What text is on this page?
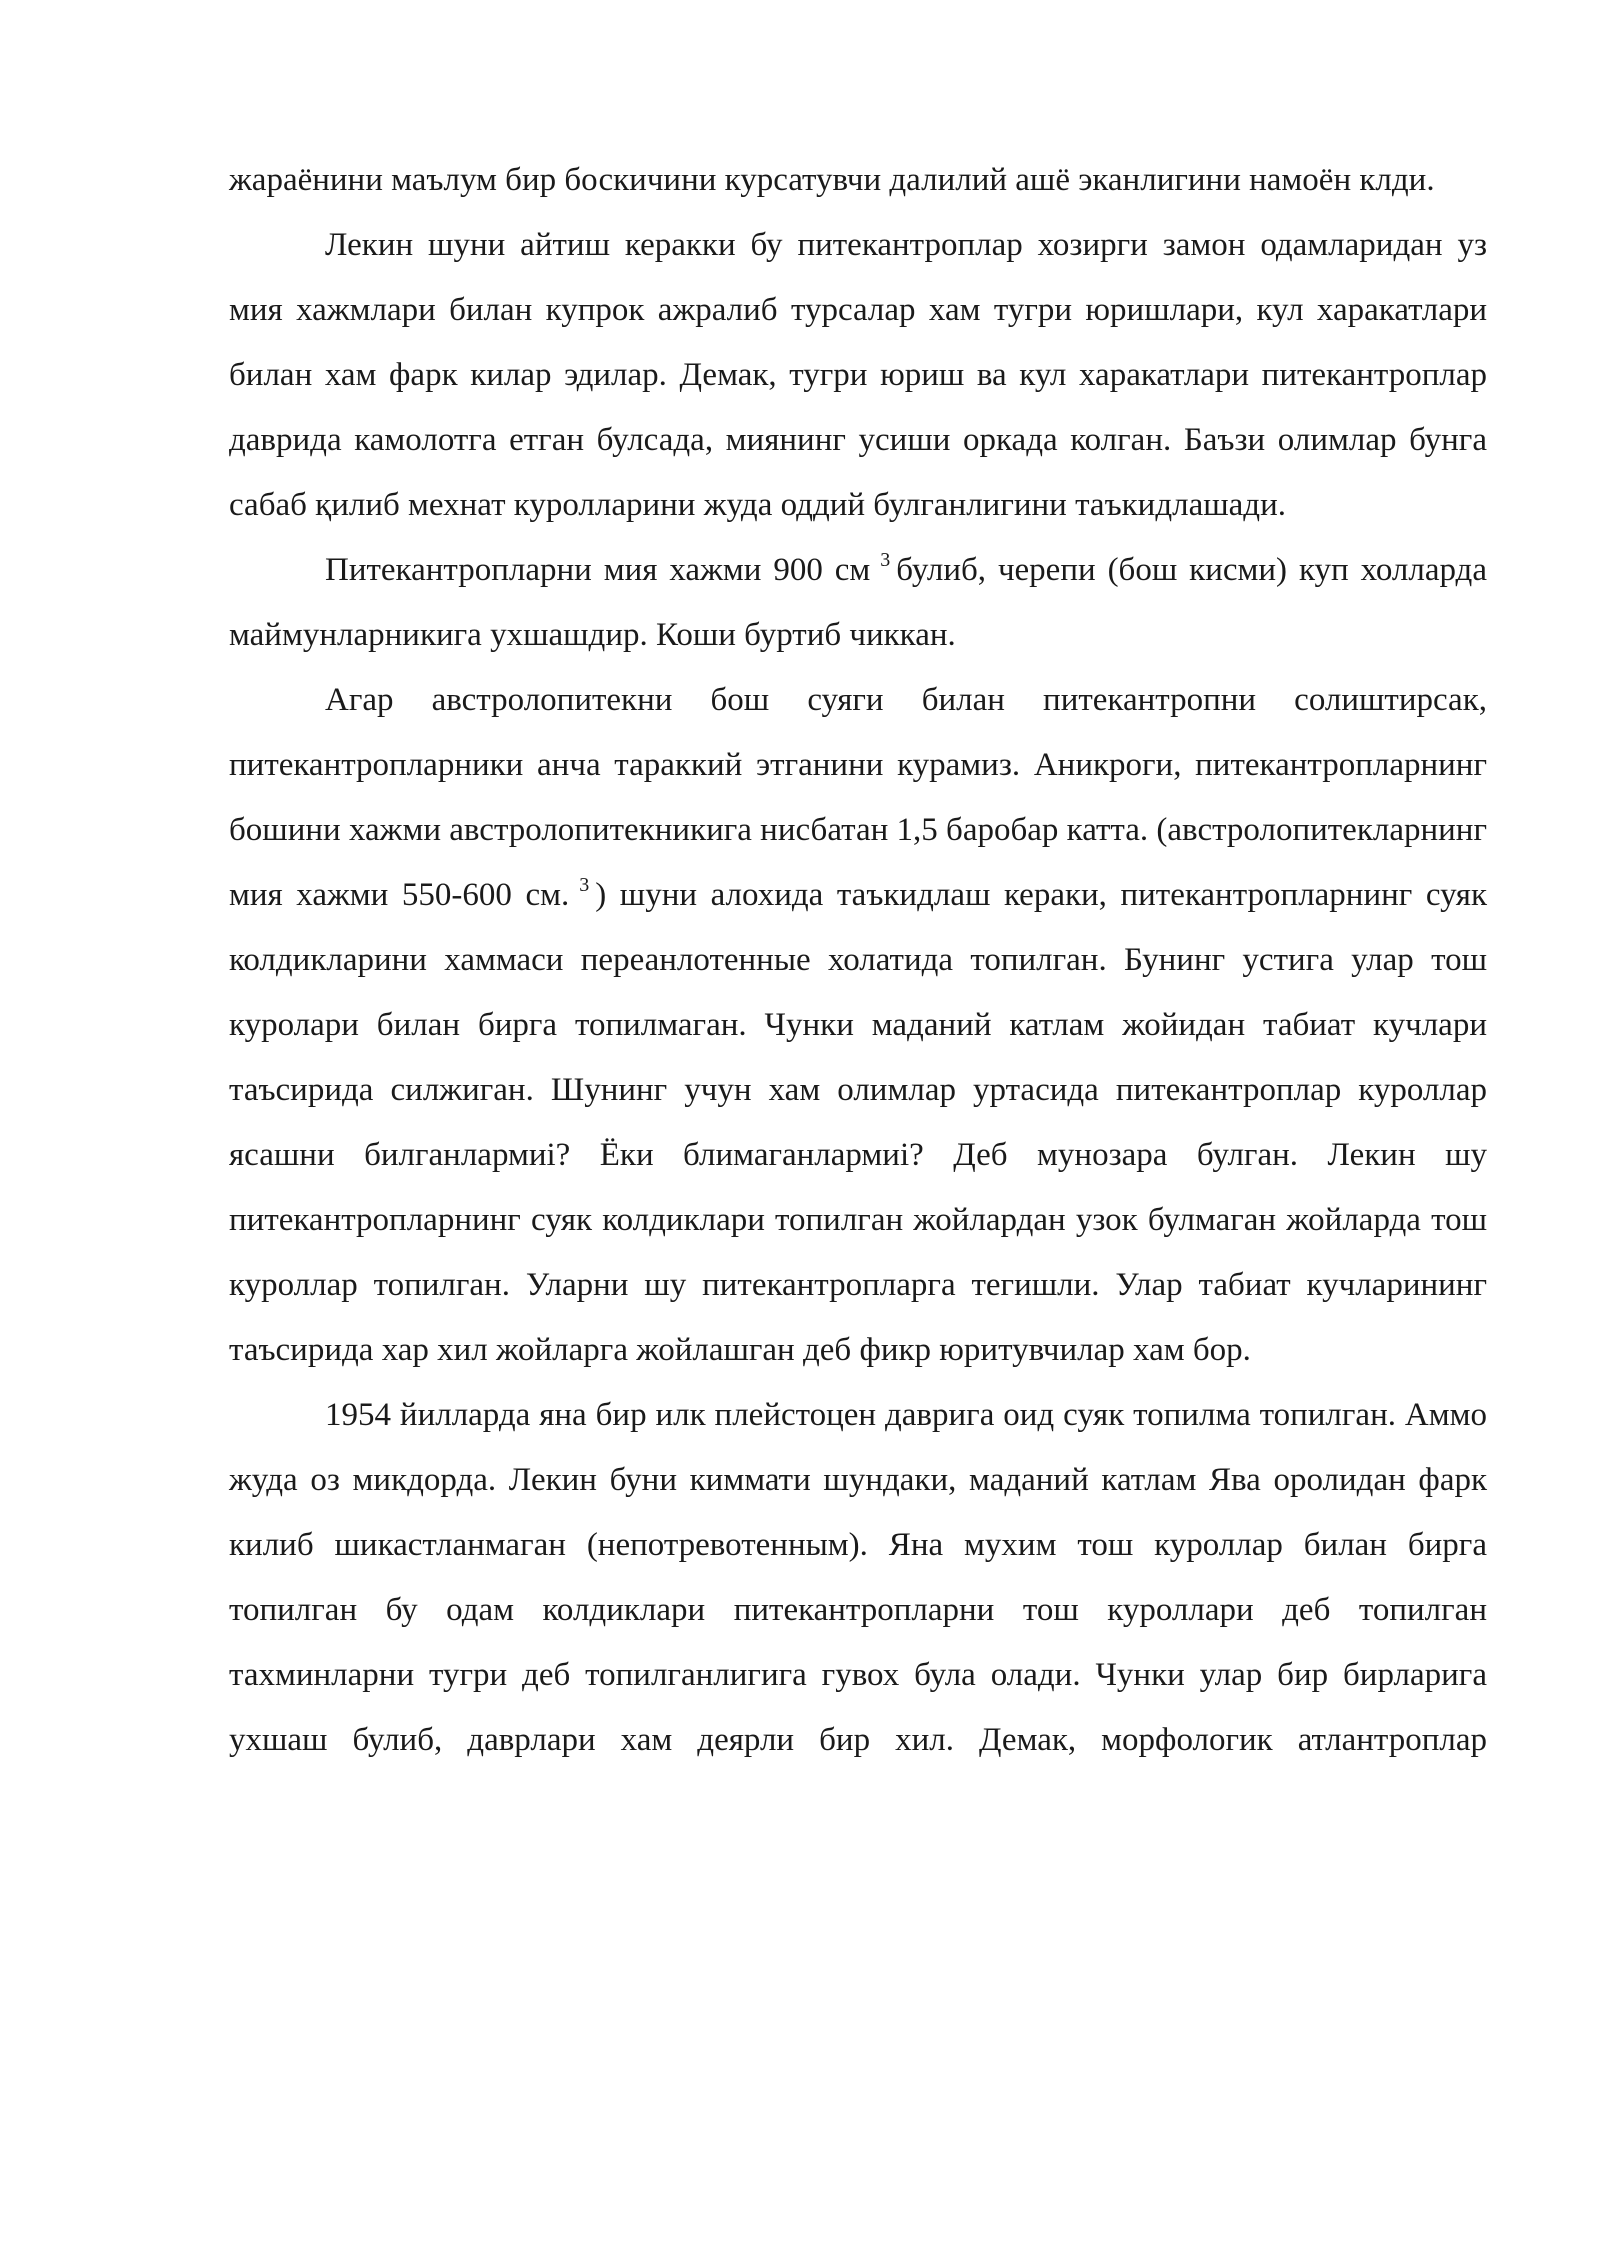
жараёнини маълум бир боскичини курсатувчи далилий ашё эканлигини намоён клди.

Лекин шуни айтиш керакки бу питекантроплар хозирги замон одамларидан уз мия хажмлари билан купрок ажралиб турсалар хам тугри юришлари, кул харакатлари билан хам фарк килар эдилар. Демак, тугри юриш ва кул харакатлари питекантроплар даврида камолотга етган булсада, миянинг усиши оркада колган. Баъзи олимлар бунга сабаб қилиб мехнат куролларини жуда оддий булганлигини таъкидлашади.

Питекантропларни мия хажми 900 см $^3$ булиб, черепи (бош кисми) куп холларда маймунларникига ухшашдир. Коши буртиб чиккан.

Агар австролопитекни бош суяги билан питекантропни солиштирсак, питекантропларники анча тараккий этганини курамиз. Аникроги, питекантропларнинг бошини хажми австролопитекникига нисбатан 1,5 баробар катта. (австролопитекларнинг мия хажми 550-600 см. $^3$ ) шуни алохида таъкидлаш кераки, питекантропларнинг суяк колдикларини хаммаси переанлотенные холатида топилган. Бунинг устига улар тош куролари билан бирга топилмаган. Чунки маданий катлам жойидан табиат кучлари таъсирида силжиган. Шунинг учун хам олимлар уртасида питекантроплар куроллар ясашни билганлармиi? Ёки блимаганлармиi? Деб мунозара булган. Лекин шу питекантропларнинг суяк колдиклари топилган жойлардан узок булмаган жойларда тош куроллар топилган. Уларни шу питекантропларга тегишли. Улар табиат кучларининг таъсирида хар хил жойларга жойлашган деб фикр юритувчилар хам бор.

1954 йилларда яна бир илк плейстоцен даврига оид суяк топилма топилган. Аммо жуда оз микдорда. Лекин буни киммати шундаки, маданий катлам Ява оролидан фарк килиб шикастланмаган (непотревотенным). Яна мухим тош куроллар билан бирга топилган бу одам колдиклари питекантропларни тош куроллари деб топилган тахминларни тугри деб топилганлигига гувох була олади. Чунки улар бир бирларига ухшаш булиб, даврлари хам деярли бир хил. Демак, морфологик атлантроплар
